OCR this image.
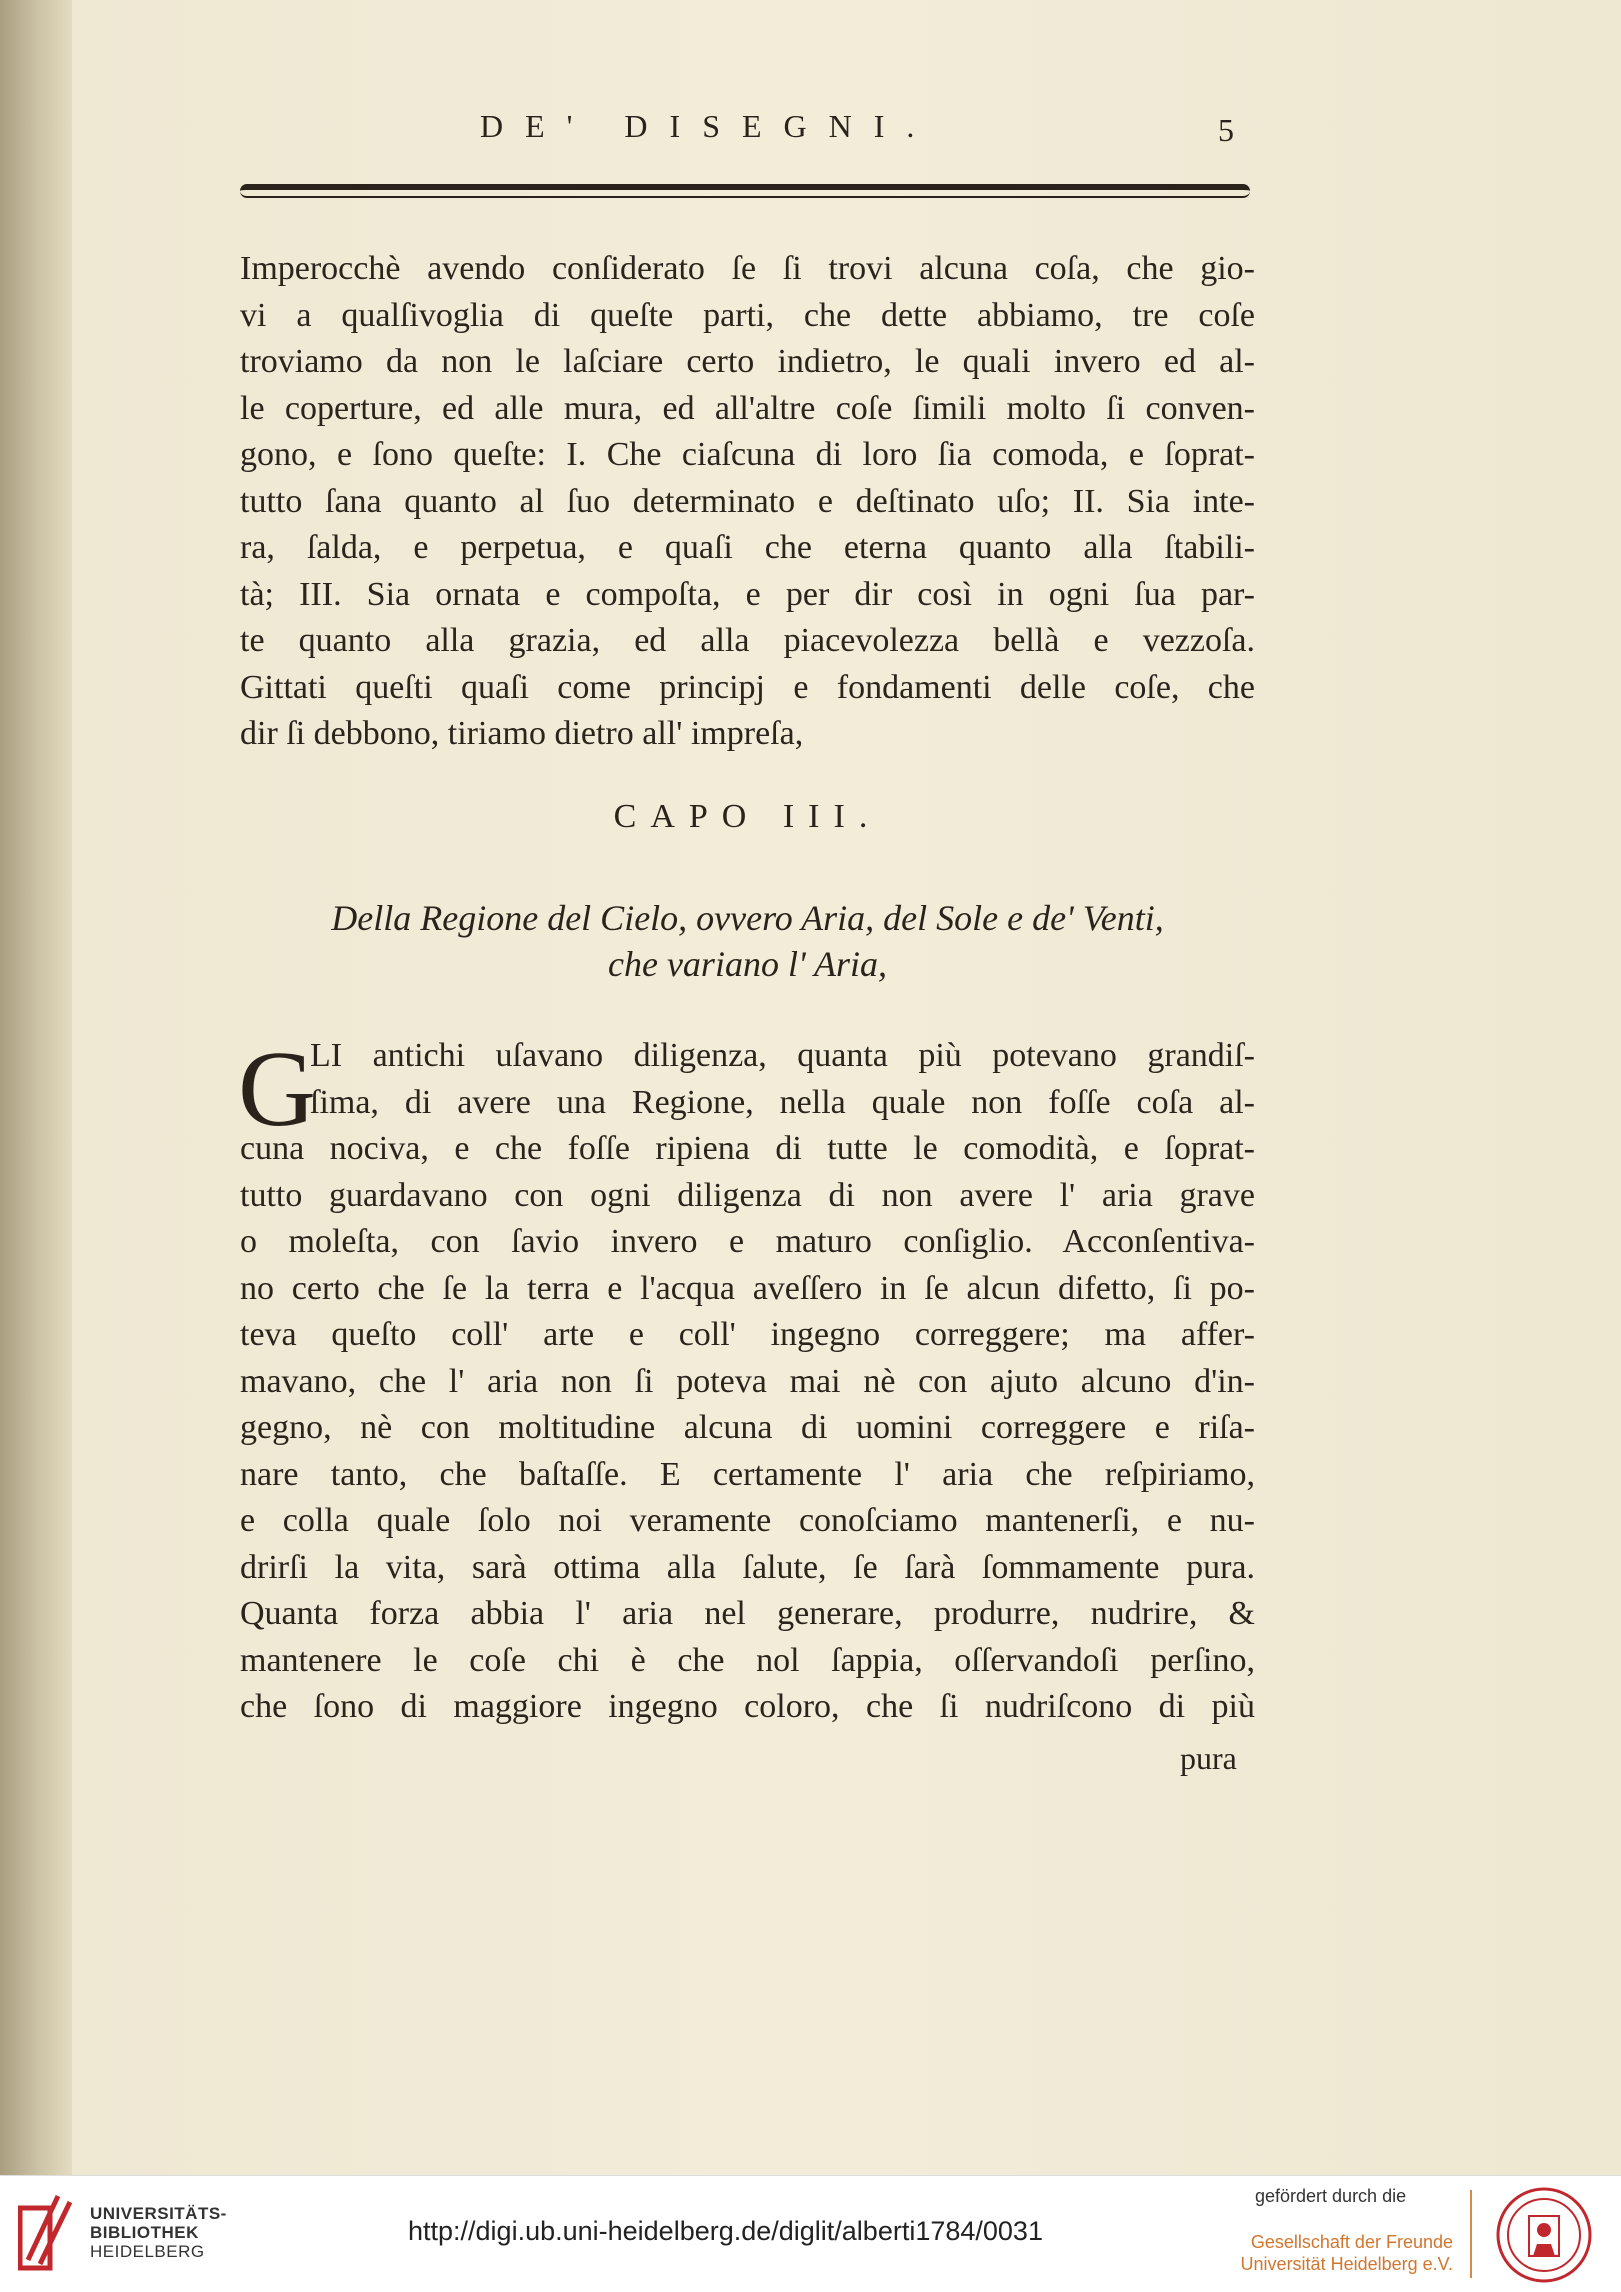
DE' DISEGNI.	5

Imperocchè avendo conſiderato ſe ſi trovi alcuna coſa, che gio-
vi a qualſivoglia di queſte parti, che dette abbiamo, tre coſe
troviamo da non le laſciare certo indietro, le quali invero ed al-
le coperture, ed alle mura, ed all'altre coſe ſimili molto ſi conven-
gono, e ſono queſte: I. Che ciaſcuna di loro ſia comoda, e ſoprat-
tutto ſana quanto al ſuo determinato e deſtinato uſo; II. Sia inte-
ra, ſalda, e perpetua, e quaſi che eterna quanto alla ſtabili-
tà; III. Sia ornata e compoſta, e per dir così in ogni ſua par-
te quanto alla grazia, ed alla piacevolezza bellà e vezzoſa.
Gittati queſti quaſi come principj e fondamenti delle coſe, che
dir ſi debbono, tiriamo dietro all' impreſa,

CAPO III.
Della Regione del Cielo, ovvero Aria, del Sole e de' Venti,
che variano l' Aria,
G

LI antichi uſavano diligenza, quanta più potevano grandiſ-
ſima, di avere una Regione, nella quale non foſſe coſa al-
cuna nociva, e che foſſe ripiena di tutte le comodità, e ſoprat-
tutto guardavano con ogni diligenza di non avere l' aria grave
o moleſta, con ſavio invero e maturo conſiglio. Acconſentiva-
no certo che ſe la terra e l'acqua aveſſero in ſe alcun difetto, ſi po-
teva queſto coll' arte e coll' ingegno correggere; ma affer-
mavano, che l' aria non ſi poteva mai nè con ajuto alcuno d'in-
gegno, nè con moltitudine alcuna di uomini correggere e riſa-
nare tanto, che baſtaſſe. E certamente l' aria che reſpiriamo,
e colla quale ſolo noi veramente conoſciamo mantenerſi, e nu-
drirſi la vita, sarà ottima alla ſalute, ſe ſarà ſommamente pura.
Quanta forza abbia l' aria nel generare, produrre, nudrire, &
mantenere le coſe chi è che nol ſappia, oſſervandoſi perſino,
che ſono di maggiore ingegno coloro, che ſi nudriſcono di più

pura
UNIVERSITÄTS-
BIBLIOTHEK
HEIDELBERG
http://digi.ub.uni-heidelberg.de/diglit/alberti1784/0031
gefördert durch die
Gesellschaft der Freunde
Universität Heidelberg e.V.
